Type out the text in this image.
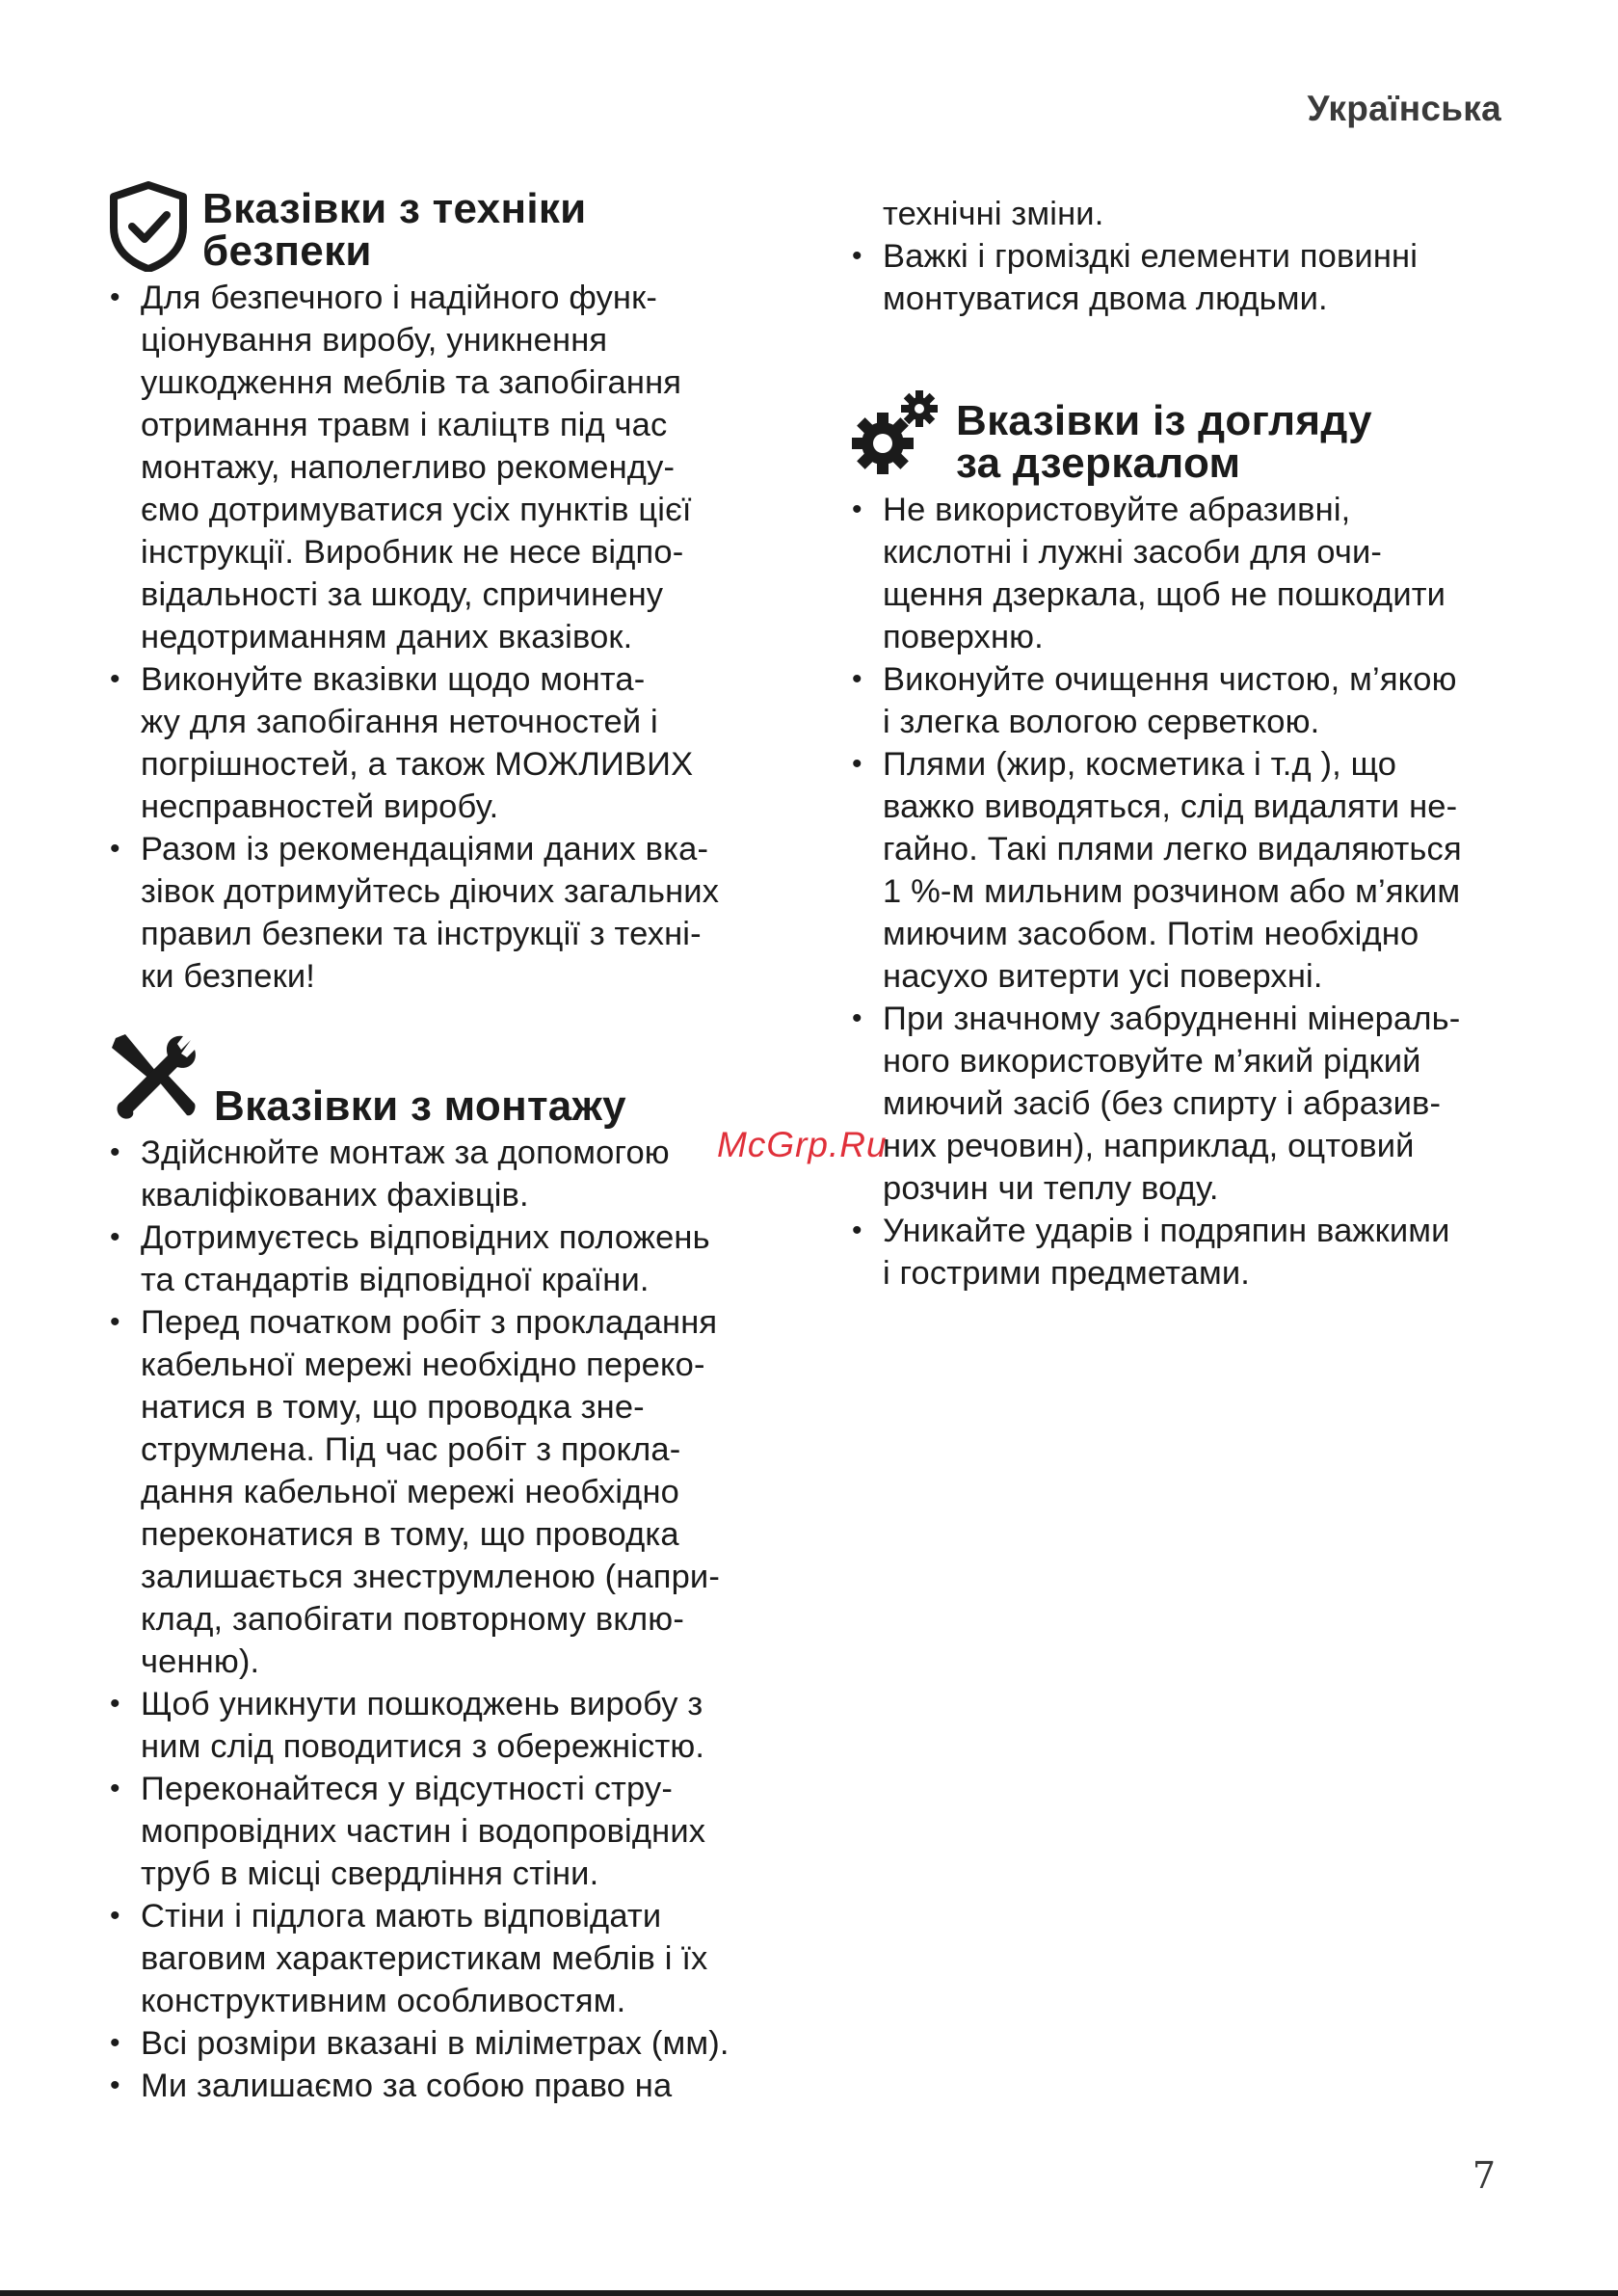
Українська
Вказівки з техніки
безпеки
• Для безпечного і надійного функ-
ціонування виробу, уникнення
ушкодження меблів та запобігання
отримання травм і каліцтв під час
монтажу, наполегливо рекоменду-
ємо дотримуватися усіх пунктів цієї
інструкції. Виробник не несе відпо-
відальності за шкоду, спричинену
недотриманням даних вказівок.
• Виконуйте вказівки щодо монта-
жу для запобігання неточностей і
погрішностей, а також МОЖЛИВИХ
несправностей виробу.
• Разом із рекомендаціями даних вка-
зівок дотримуйтесь діючих загальних
правил безпеки та інструкції з техні-
ки безпеки!
Вказівки з монтажу
• Здійснюйте монтаж за допомогою
кваліфікованих фахівців.
• Дотримуєтесь відповідних положень
та стандартів відповідної країни.
• Перед початком робіт з прокладання
кабельної мережі необхідно переко-
натися в тому, що проводка зне-
струмлена. Під час робіт з прокла-
дання кабельної мережі необхідно
переконатися в тому, що проводка
залишається знеструмленою (напри-
клад, запобігати повторному вклю-
ченню).
• Щоб уникнути пошкоджень виробу з
ним слід поводитися з обережністю.
• Переконайтеся у відсутності стру-
мопровідних частин і водопровідних
труб в місці свердління стіни.
• Стіни і підлога мають відповідати
ваговим характеристикам меблів і їх
конструктивним особливостям.
• Всі розміри вказані в міліметрах (мм).
• Ми залишаємо за собою право на

технічні зміни.

• Важкі і громіздкі елементи повинні
монтуватися двома людьми.
Вказівки із догляду
за дзеркалом
• Не використовуйте абразивні,
кислотні і лужні засоби для очи-
щення дзеркала, щоб не пошкодити
поверхню.
• Виконуйте очищення чистою, м’якою
і злегка вологою серветкою.
• Плями (жир, косметика і т.д ), що
важко виводяться, слід видаляти не-
гайно. Такі плями легко видаляються
1 %-м мильним розчином або м’яким
миючим засобом. Потім необхідно
насухо витерти усі поверхні.
• При значному забрудненні мінераль-
ного використовуйте м’який рідкий
миючий засіб (без спирту і абразив-
них речовин), наприклад, оцтовий
розчин чи теплу воду.
• Уникайте ударів і подряпин важкими
і гострими предметами.
McGrp.Ru
7
